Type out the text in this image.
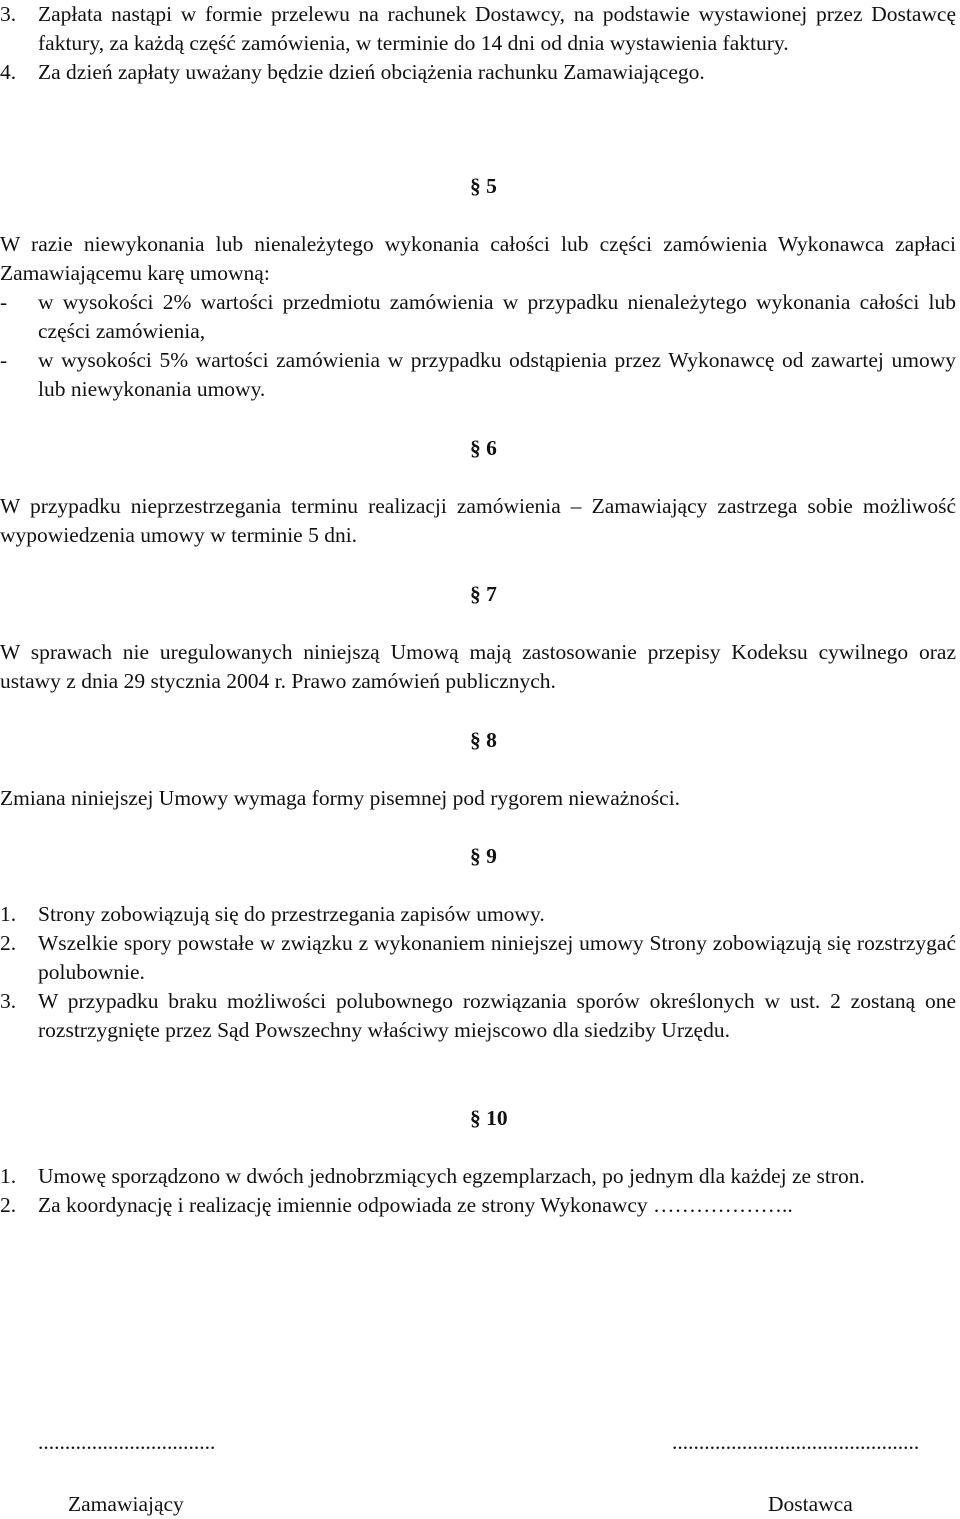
3. Zapłata nastąpi w formie przelewu na rachunek Dostawcy, na podstawie wystawionej przez Dostawcę faktury, za każdą część zamówienia, w terminie do 14 dni od dnia wystawienia faktury.
4. Za dzień zapłaty uważany będzie dzień obciążenia rachunku Zamawiającego.
§ 5
W razie niewykonania lub nienależytego wykonania całości lub części zamówienia Wykonawca zapłaci Zamawiającemu karę umowną:
- w wysokości 2% wartości przedmiotu zamówienia w przypadku nienależytego wykonania całości lub części zamówienia,
- w wysokości 5% wartości zamówienia w przypadku odstąpienia przez Wykonawcę od zawartej umowy lub niewykonania umowy.
§ 6
W przypadku nieprzestrzegania terminu realizacji zamówienia – Zamawiający zastrzega sobie możliwość wypowiedzenia umowy w terminie 5 dni.
§ 7
W sprawach nie uregulowanych niniejszą Umową mają zastosowanie przepisy Kodeksu cywilnego oraz ustawy z dnia 29 stycznia 2004 r. Prawo zamówień publicznych.
§ 8
Zmiana niniejszej Umowy wymaga formy pisemnej pod rygorem nieważności.
§ 9
1. Strony zobowiązują się do przestrzegania zapisów umowy.
2. Wszelkie spory powstałe w związku z wykonaniem niniejszej umowy Strony zobowiązują się rozstrzygać polubownie.
3. W przypadku braku możliwości polubownego rozwiązania sporów określonych w ust. 2 zostaną one rozstrzygnięte przez Sąd Powszechny właściwy miejscowo dla siedziby Urzędu.
§ 10
1. Umowę sporządzono w dwóch jednobrzmiących egzemplarzach, po jednym dla każdej ze stron.
2. Za koordynację i realizację imiennie odpowiada ze strony Wykonawcy ………………..
.................................	..............................................
Zamawiający	Dostawca
